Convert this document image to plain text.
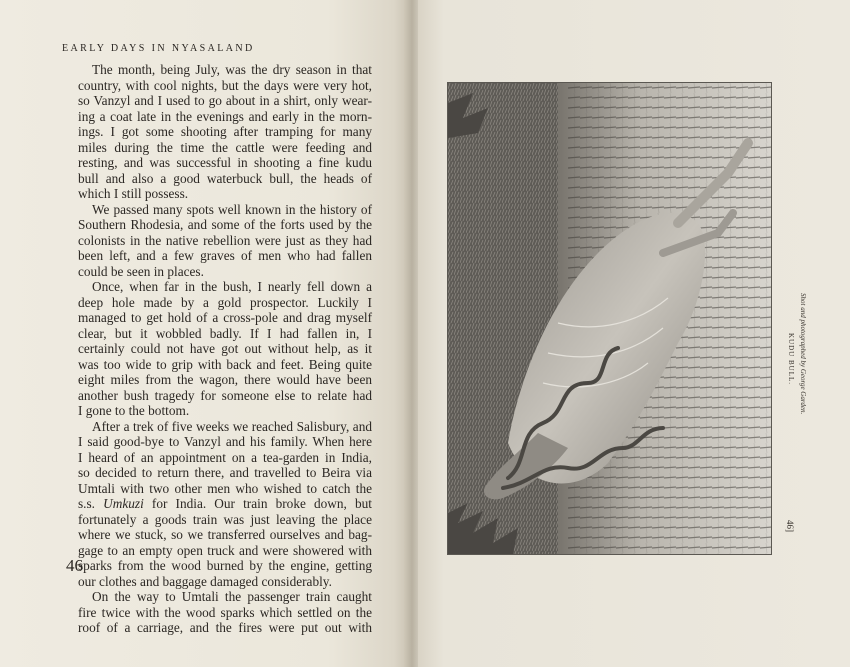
EARLY DAYS IN NYASALAND
The month, being July, was the dry season in that
country, with cool nights, but the days were very hot,
so Vanzyl and I used to go about in a shirt, only wear-
ing a coat late in the evenings and early in the morn-
ings. I got some shooting after tramping for many
miles during the time the cattle were feeding and
resting, and was successful in shooting a fine kudu
bull and also a good waterbuck bull, the heads of
which I still possess.
We passed many spots well known in the history of
Southern Rhodesia, and some of the forts used by the
colonists in the native rebellion were just as they had
been left, and a few graves of men who had fallen
could be seen in places.
Once, when far in the bush, I nearly fell down a
deep hole made by a gold prospector. Luckily I
managed to get hold of a cross-pole and drag myself
clear, but it wobbled badly. If I had fallen in, I
certainly could not have got out without help, as it
was too wide to grip with back and feet. Being quite
eight miles from the wagon, there would have been
another bush tragedy for someone else to relate had
I gone to the bottom.
After a trek of five weeks we reached Salisbury, and
I said good-bye to Vanzyl and his family. When here
I heard of an appointment on a tea-garden in India,
so decided to return there, and travelled to Beira via
Umtali with two other men who wished to catch the
s.s. Umkuzi for India. Our train broke down, but
fortunately a goods train was just leaving the place
where we stuck, so we transferred ourselves and bag-
gage to an empty open truck and were showered with
sparks from the wood burned by the engine, getting
our clothes and baggage damaged considerably.
On the way to Umtali the passenger train caught
fire twice with the wood sparks which settled on the
roof of a carriage, and the fires were put out with
46
KUDU BULL. Shot and photographed by George Garden.
46]
